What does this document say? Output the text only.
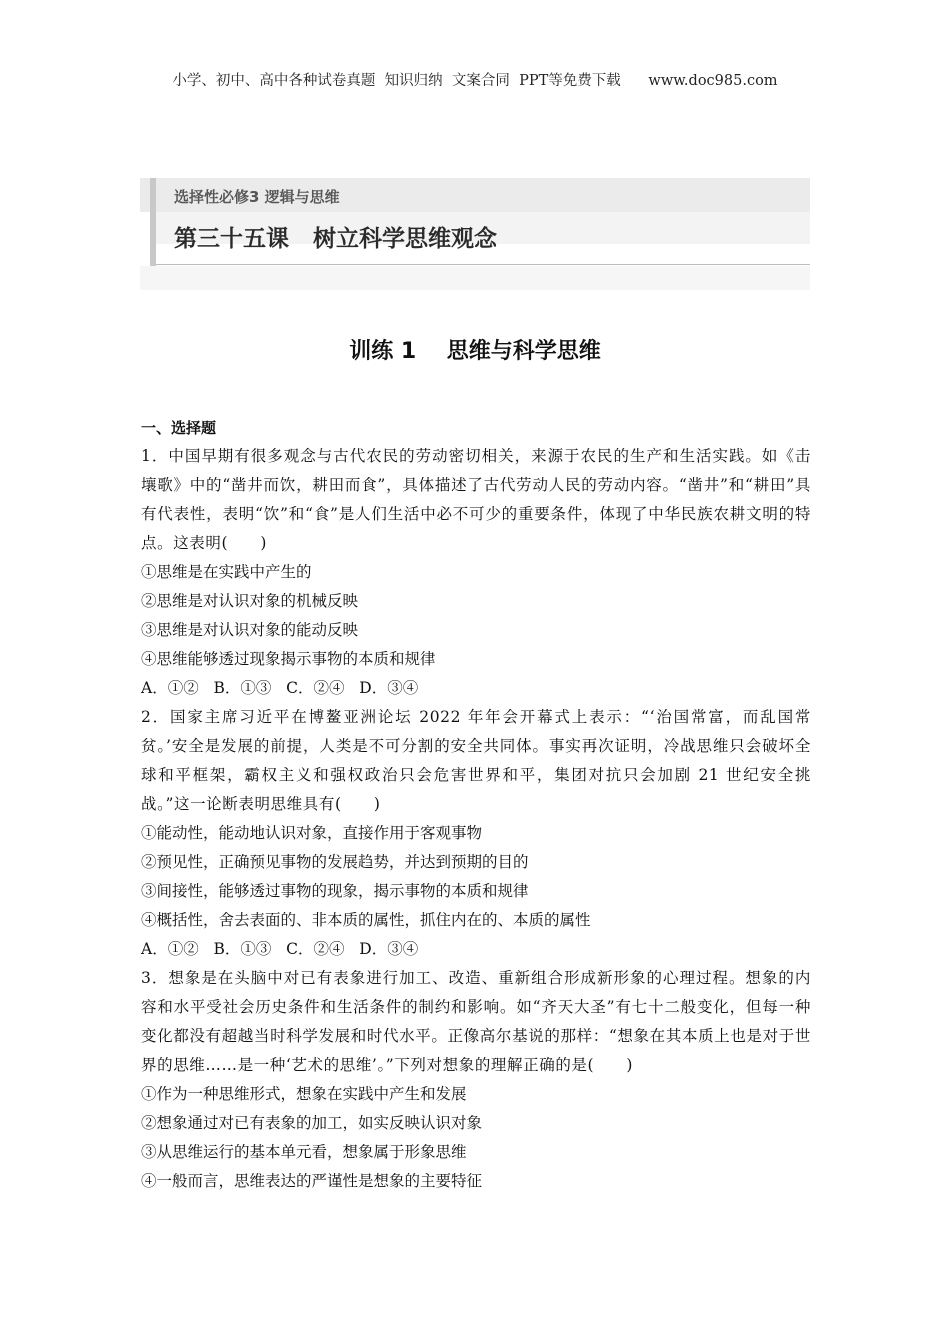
小学、初中、高中各种试卷真题  知识归纳  文案合同  PPT等免费下载      www.doc985.com
选择性必修3 逻辑与思维
第三十五课   树立科学思维观念
训练 1    思维与科学思维
一、选择题
1．中国早期有很多观念与古代农民的劳动密切相关，来源于农民的生产和生活实践。如《击壤歌》中的“凿井而饮，耕田而食”，具体描述了古代劳动人民的劳动内容。“凿井”和“耕田”具有代表性，表明“饮”和“食”是人们生活中必不可少的重要条件，体现了中华民族农耕文明的特点。这表明(　　)
①思维是在实践中产生的
②思维是对认识对象的机械反映
③思维是对认识对象的能动反映
④思维能够透过现象揭示事物的本质和规律
A．①②   B．①③   C．②④   D．③④
2．国家主席习近平在博鳌亚洲论坛 2022 年年会开幕式上表示：“‘治国常富，而乱国常贫。’安全是发展的前提，人类是不可分割的安全共同体。事实再次证明，冷战思维只会破坏全球和平框架，霸权主义和强权政治只会危害世界和平，集团对抗只会加剧 21 世纪安全挑战。”这一论断表明思维具有(　　)
①能动性，能动地认识对象，直接作用于客观事物
②预见性，正确预见事物的发展趋势，并达到预期的目的
③间接性，能够透过事物的现象，揭示事物的本质和规律
④概括性，舍去表面的、非本质的属性，抓住内在的、本质的属性
A．①②   B．①③   C．②④   D．③④
3．想象是在头脑中对已有表象进行加工、改造、重新组合形成新形象的心理过程。想象的内容和水平受社会历史条件和生活条件的制约和影响。如“齐天大圣”有七十二般变化，但每一种变化都没有超越当时科学发展和时代水平。正像高尔基说的那样：“想象在其本质上也是对于世界的思维……是一种‘艺术的思维’。”下列对想象的理解正确的是(　　)
①作为一种思维形式，想象在实践中产生和发展
②想象通过对已有表象的加工，如实反映认识对象
③从思维运行的基本单元看，想象属于形象思维
④一般而言，思维表达的严谨性是想象的主要特征
